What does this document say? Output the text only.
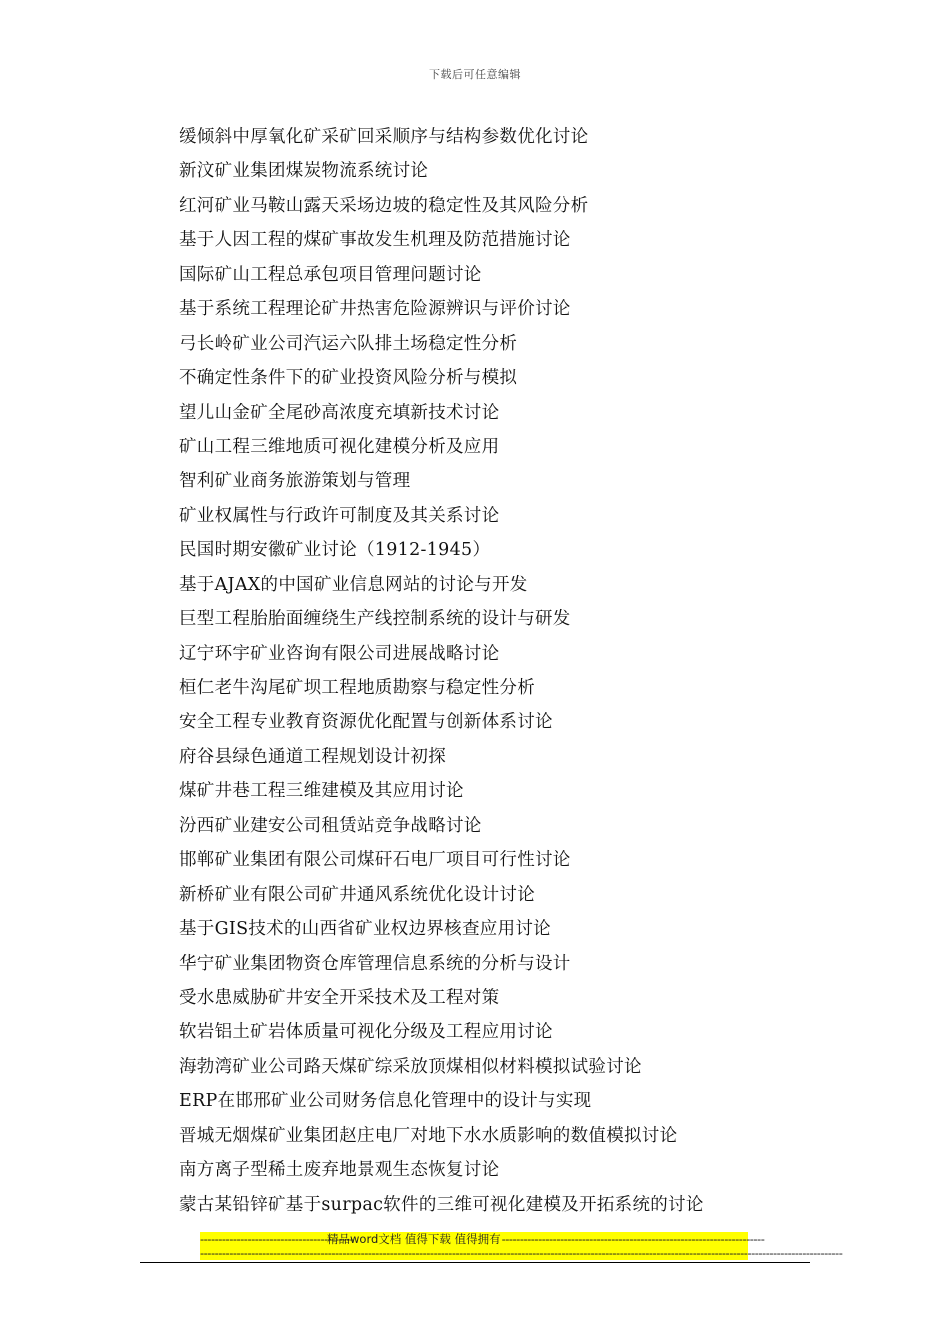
下载后可任意编辑
缓倾斜中厚氧化矿采矿回采顺序与结构参数优化讨论
新汶矿业集团煤炭物流系统讨论
红河矿业马鞍山露天采场边坡的稳定性及其风险分析
基于人因工程的煤矿事故发生机理及防范措施讨论
国际矿山工程总承包项目管理问题讨论
基于系统工程理论矿井热害危险源辨识与评价讨论
弓长岭矿业公司汽运六队排土场稳定性分析
不确定性条件下的矿业投资风险分析与模拟
望儿山金矿全尾砂高浓度充填新技术讨论
矿山工程三维地质可视化建模分析及应用
智利矿业商务旅游策划与管理
矿业权属性与行政许可制度及其关系讨论
民国时期安徽矿业讨论（1912-1945）
基于AJAX的中国矿业信息网站的讨论与开发
巨型工程胎胎面缠绕生产线控制系统的设计与研发
辽宁环宇矿业咨询有限公司进展战略讨论
桓仁老牛沟尾矿坝工程地质勘察与稳定性分析
安全工程专业教育资源优化配置与创新体系讨论
府谷县绿色通道工程规划设计初探
煤矿井巷工程三维建模及其应用讨论
汾西矿业建安公司租赁站竞争战略讨论
邯郸矿业集团有限公司煤矸石电厂项目可行性讨论
新桥矿业有限公司矿井通风系统优化设计讨论
基于GIS技术的山西省矿业权边界核查应用讨论
华宁矿业集团物资仓库管理信息系统的分析与设计
受水患威胁矿井安全开采技术及工程对策
软岩铝土矿岩体质量可视化分级及工程应用讨论
海勃湾矿业公司路天煤矿综采放顶煤相似材料模拟试验讨论
ERP在邯邢矿业公司财务信息化管理中的设计与实现
晋城无烟煤矿业集团赵庄电厂对地下水水质影响的数值模拟讨论
南方离子型稀土废弃地景观生态恢复讨论
蒙古某铅锌矿基于surpac软件的三维可视化建模及开拓系统的讨论
------------------------------------------精品word文档 值得下载 值得拥有------------------------------------------------------------------------
--------------------------------------------------------------------------------------------------------------------------------------------------------------------------------
